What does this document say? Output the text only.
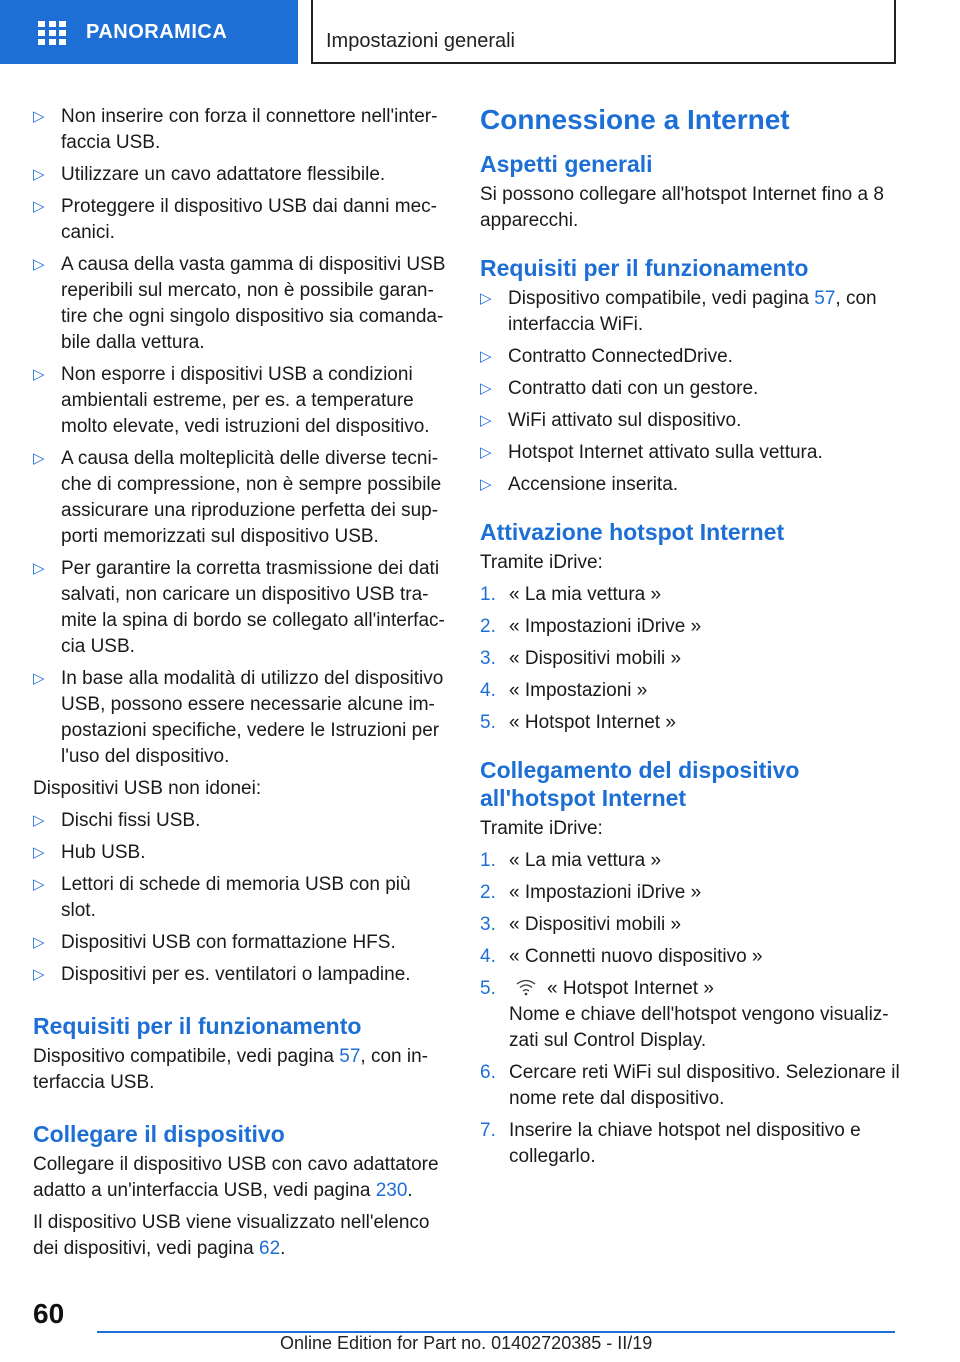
PANORAMICA	Impostazioni generali
▷ Non inserire con forza il connettore nell'inter‐ faccia USB.
▷ Utilizzare un cavo adattatore flessibile.
▷ Proteggere il dispositivo USB dai danni mec‐ canici.
▷ A causa della vasta gamma di dispositivi USB reperibili sul mercato, non è possibile garan‐ tire che ogni singolo dispositivo sia comanda‐ bile dalla vettura.
▷ Non esporre i dispositivi USB a condizioni ambientali estreme, per es. a temperature molto elevate, vedi istruzioni del dispositivo.
▷ A causa della molteplicità delle diverse tecni‐ che di compressione, non è sempre possibile assicurare una riproduzione perfetta dei sup‐ porti memorizzati sul dispositivo USB.
▷ Per garantire la corretta trasmissione dei dati salvati, non caricare un dispositivo USB tra‐ mite la spina di bordo se collegato all'interfac‐ cia USB.
▷ In base alla modalità di utilizzo del dispositivo USB, possono essere necessarie alcune im‐ postazioni specifiche, vedere le Istruzioni per l'uso del dispositivo.
Dispositivi USB non idonei:
▷ Dischi fissi USB.
▷ Hub USB.
▷ Lettori di schede di memoria USB con più slot.
▷ Dispositivi USB con formattazione HFS.
▷ Dispositivi per es. ventilatori o lampadine.
Requisiti per il funzionamento
Dispositivo compatibile, vedi pagina 57, con in‐ terfaccia USB.
Collegare il dispositivo
Collegare il dispositivo USB con cavo adattatore adatto a un'interfaccia USB, vedi pagina 230.
Il dispositivo USB viene visualizzato nell'elenco dei dispositivi, vedi pagina 62.
Connessione a Internet
Aspetti generali
Si possono collegare all'hotspot Internet fino a 8 apparecchi.
Requisiti per il funzionamento
▷ Dispositivo compatibile, vedi pagina 57, con interfaccia WiFi.
▷ Contratto ConnectedDrive.
▷ Contratto dati con un gestore.
▷ WiFi attivato sul dispositivo.
▷ Hotspot Internet attivato sulla vettura.
▷ Accensione inserita.
Attivazione hotspot Internet
Tramite iDrive:
1. « La mia vettura »
2. « Impostazioni iDrive »
3. « Dispositivi mobili »
4. « Impostazioni »
5. « Hotspot Internet »
Collegamento del dispositivo all'hotspot Internet
Tramite iDrive:
1. « La mia vettura »
2. « Impostazioni iDrive »
3. « Dispositivi mobili »
4. « Connetti nuovo dispositivo »
5.	« Hotspot Internet »
Nome e chiave dell'hotspot vengono visualiz‐ zati sul Control Display.
6. Cercare reti WiFi sul dispositivo. Selezionare il nome rete dal dispositivo.
7. Inserire la chiave hotspot nel dispositivo e collegarlo.
60
Online Edition for Part no. 01402720385 - II/19
